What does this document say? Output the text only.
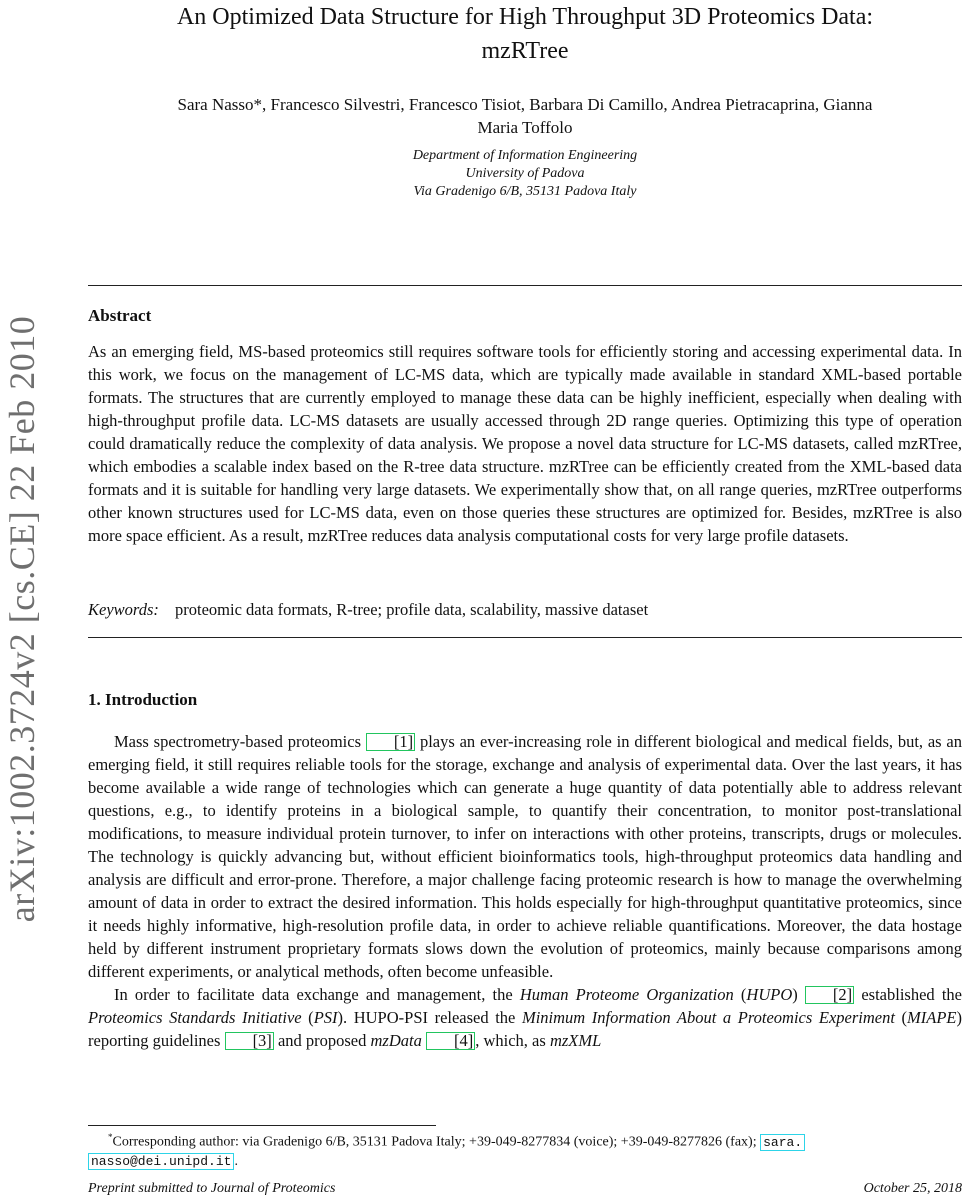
arXiv:1002.3724v2 [cs.CE] 22 Feb 2010
An Optimized Data Structure for High Throughput 3D Proteomics Data:
mzRTree
Sara Nasso*, Francesco Silvestri, Francesco Tisiot, Barbara Di Camillo, Andrea Pietracaprina, Gianna
Maria Toffolo
Department of Information Engineering
University of Padova
Via Gradenigo 6/B, 35131 Padova Italy
Abstract

As an emerging field, MS-based proteomics still requires software tools for efficiently storing and accessing experimental data. In this work, we focus on the management of LC-MS data, which are typically made available in standard XML-based portable formats. The structures that are currently employed to manage these data can be highly inefficient, especially when dealing with high-throughput profile data. LC-MS datasets are usually accessed through 2D range queries. Optimizing this type of operation could dramatically reduce the complexity of data analysis. We propose a novel data structure for LC-MS datasets, called mzRTree, which embodies a scalable index based on the R-tree data structure. mzRTree can be efficiently created from the XML-based data formats and it is suitable for handling very large datasets. We experimentally show that, on all range queries, mzRTree outperforms other known structures used for LC-MS data, even on those queries these structures are optimized for. Besides, mzRTree is also more space efficient. As a result, mzRTree reduces data analysis computational costs for very large profile datasets.

Keywords: proteomic data formats, R-tree; profile data, scalability, massive dataset
1. Introduction

Mass spectrometry-based proteomics [1] plays an ever-increasing role in different biological and medical fields, but, as an emerging field, it still requires reliable tools for the storage, exchange and analysis of experimental data. Over the last years, it has become available a wide range of technologies which can generate a huge quantity of data potentially able to address relevant questions, e.g., to identify proteins in a biological sample, to quantify their concentration, to monitor post-translational modifications, to measure individual protein turnover, to infer on interactions with other proteins, transcripts, drugs or molecules. The technology is quickly advancing but, without efficient bioinformatics tools, high-throughput proteomics data handling and analysis are difficult and error-prone. Therefore, a major challenge facing proteomic research is how to manage the overwhelming amount of data in order to extract the desired information. This holds especially for high-throughput quantitative proteomics, since it needs highly informative, high-resolution profile data, in order to achieve reliable quantifications. Moreover, the data hostage held by different instrument proprietary formats slows down the evolution of proteomics, mainly because comparisons among different experiments, or analytical methods, often become unfeasible.

In order to facilitate data exchange and management, the Human Proteome Organization (HUPO) [2] established the Proteomics Standards Initiative (PSI). HUPO-PSI released the Minimum Information About a Proteomics Experiment (MIAPE) reporting guidelines [3] and proposed mzData [4] , which, as mzXML

*Corresponding author: via Gradenigo 6/B, 35131 Padova Italy; +39-049-8277834 (voice); +39-049-8277826 (fax); sara.
nasso@dei.unipd.it .
Preprint submitted to Journal of Proteomics	October 25, 2018
